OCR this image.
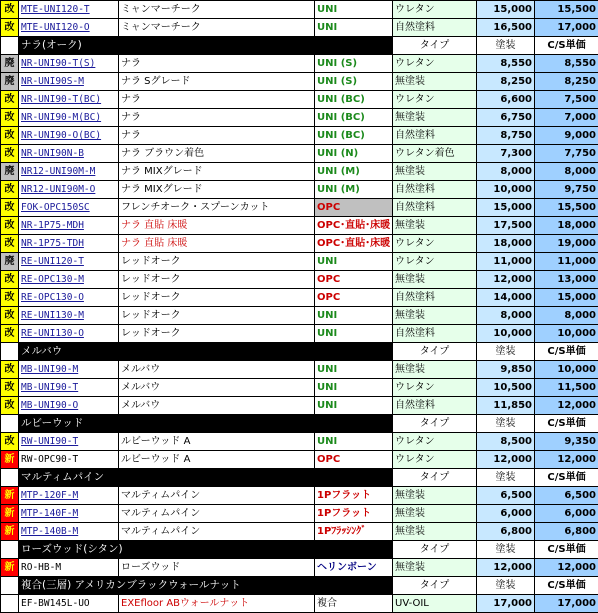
改	MTE-UNI120-T	ミャンマーチーク	UNI	ウレタン	15,000	15,500
改	MTE-UNI120-O	ミャンマーチーク	UNI	自然塗料	16,500	17,000
	ナラ(オーク)			タイプ	塗装	C/S単価
廃	NR-UNI90-T(S)	ナラ	UNI (S)	ウレタン	8,550	8,550
廃	NR-UNI90S-M	ナラ Sグレード	UNI (S)	無塗装	8,250	8,250
改	NR-UNI90-T(BC)	ナラ	UNI (BC)	ウレタン	6,600	7,500
改	NR-UNI90-M(BC)	ナラ	UNI (BC)	無塗装	6,750	7,000
改	NR-UNI90-O(BC)	ナラ	UNI (BC)	自然塗料	8,750	9,000
改	NR-UNI90N-B	ナラ ブラウン着色	UNI (N)	ウレタン着色	7,300	7,750
廃	NR12-UNI90M-M	ナラ MIXグレード	UNI (M)	無塗装	8,000	8,000
改	NR12-UNI90M-O	ナラ MIXグレード	UNI (M)	自然塗料	10,000	9,750
改	FOK-OPC150SC	フレンチオーク・スプーンカット	OPC	自然塗料	15,000	15,500
改	NR-1P75-MDH	ナラ 直貼 床暖	OPC･直貼･床暖	無塗装	17,500	18,000
改	NR-1P75-TDH	ナラ 直貼 床暖	OPC･直貼･床暖	ウレタン	18,000	19,000
廃	RE-UNI120-T	レッドオーク	UNI	ウレタン	11,000	11,000
改	RE-OPC130-M	レッドオーク	OPC	無塗装	12,000	13,000
改	RE-OPC130-O	レッドオーク	OPC	自然塗料	14,000	15,000
改	RE-UNI130-M	レッドオーク	UNI	無塗装	8,000	8,000
改	RE-UNI130-O	レッドオーク	UNI	自然塗料	10,000	10,000
	メルバウ			タイプ	塗装	C/S単価
改	MB-UNI90-M	メルバウ	UNI	無塗装	9,850	10,000
改	MB-UNI90-T	メルバウ	UNI	ウレタン	10,500	11,500
改	MB-UNI90-O	メルバウ	UNI	自然塗料	11,850	12,000
	ルビーウッド			タイプ	塗装	C/S単価
改	RW-UNI90-T	ルビーウッド A	UNI	ウレタン	8,500	9,350
新	RW-OPC90-T	ルビーウッド A	OPC	ウレタン	12,000	12,000
	マルティムパイン			タイプ	塗装	C/S単価
新	MTP-120F-M	マルティムパイン	1Pフラット	無塗装	6,500	6,500
新	MTP-140F-M	マルティムパイン	1Pフラット	無塗装	6,000	6,000
新	MTP-140B-M	マルティムパイン	1Pﾌﾗｯｼﾝｸﾞ	無塗装	6,800	6,800
	ローズウッド(シタン)			タイプ	塗装	C/S単価
新	RO-HB-M	ローズウッド	ヘリンボーン	無塗装	12,000	12,000
	複合(三層) アメリカンブラックウォールナット			タイプ	塗装	C/S単価
	EF-BW145L-UO	EXEfloor ABウォールナット	複合	UV-OIL	17,000	17,000
